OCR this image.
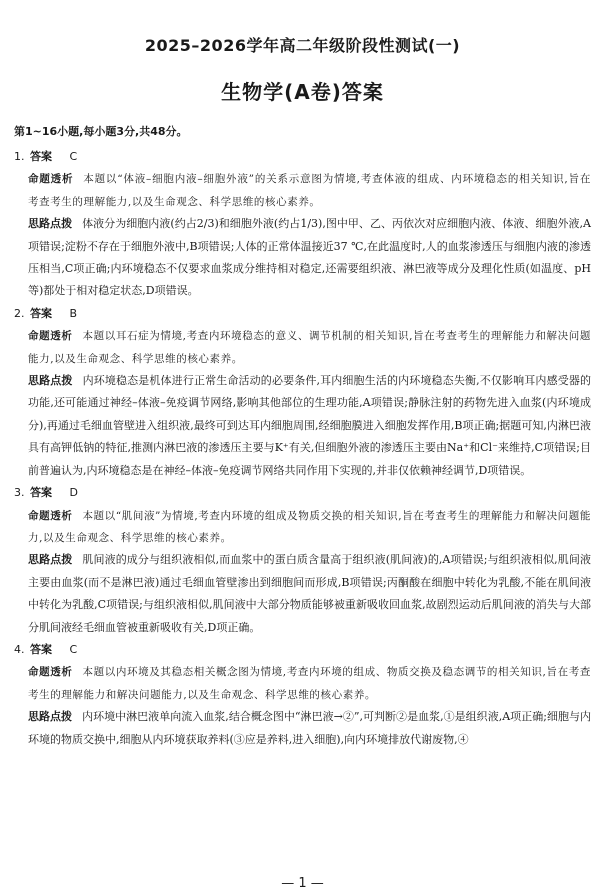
2025–2026学年高二年级阶段性测试(一)
生物学(A卷)答案
第1~16小题,每小题3分,共48分。
1. 答案 C
命题透析 本题以“体液–细胞内液–细胞外液”的关系示意图为情境,考查体液的组成、内环境稳态的相关知识,旨在考查考生的理解能力,以及生命观念、科学思维的核心素养。
思路点拨 体液分为细胞内液(约占2/3)和细胞外液(约占1/3),图中甲、乙、丙依次对应细胞内液、体液、细胞外液,A项错误;淀粉不存在于细胞外液中,B项错误;人体的正常体温接近37 ℃,在此温度时,人的血浆渗透压与细胞内液的渗透压相当,C项正确;内环境稳态不仅要求血浆成分维持相对稳定,还需要组织液、淋巴液等成分及理化性质(如温度、pH等)都处于相对稳定状态,D项错误。
2. 答案 B
命题透析 本题以耳石症为情境,考查内环境稳态的意义、调节机制的相关知识,旨在考查考生的理解能力和解决问题能力,以及生命观念、科学思维的核心素养。
思路点拨 内环境稳态是机体进行正常生命活动的必要条件,耳内细胞生活的内环境稳态失衡,不仅影响耳内感受器的功能,还可能通过神经–体液–免疫调节网络,影响其他部位的生理功能,A项错误;静脉注射的药物先进入血浆(内环境成分),再通过毛细血管壁进入组织液,最终可到达耳内细胞周围,经细胞膜进入细胞发挥作用,B项正确;据题可知,内淋巴液具有高钾低钠的特征,推测内淋巴液的渗透压主要与K⁺有关,但细胞外液的渗透压主要由Na⁺和Cl⁻来维持,C项错误;目前普遍认为,内环境稳态是在神经–体液–免疫调节网络共同作用下实现的,并非仅依赖神经调节,D项错误。
3. 答案 D
命题透析 本题以“肌间液”为情境,考查内环境的组成及物质交换的相关知识,旨在考查考生的理解能力和解决问题能力,以及生命观念、科学思维的核心素养。
思路点拨 肌间液的成分与组织液相似,而血浆中的蛋白质含量高于组织液(肌间液)的,A项错误;与组织液相似,肌间液主要由血浆(而不是淋巴液)通过毛细血管壁渗出到细胞间而形成,B项错误;丙酮酸在细胞中转化为乳酸,不能在肌间液中转化为乳酸,C项错误;与组织液相似,肌间液中大部分物质能够被重新吸收回血浆,故剧烈运动后肌间液的消失与大部分肌间液经毛细血管被重新吸收有关,D项正确。
4. 答案 C
命题透析 本题以内环境及其稳态相关概念图为情境,考查内环境的组成、物质交换及稳态调节的相关知识,旨在考查考生的理解能力和解决问题能力,以及生命观念、科学思维的核心素养。
思路点拨 内环境中淋巴液单向流入血浆,结合概念图中“淋巴液→②”,可判断②是血浆,①是组织液,A项正确;细胞与内环境的物质交换中,细胞从内环境获取养料(③应是养料,进入细胞),向内环境排放代谢废物,④
— 1 —
